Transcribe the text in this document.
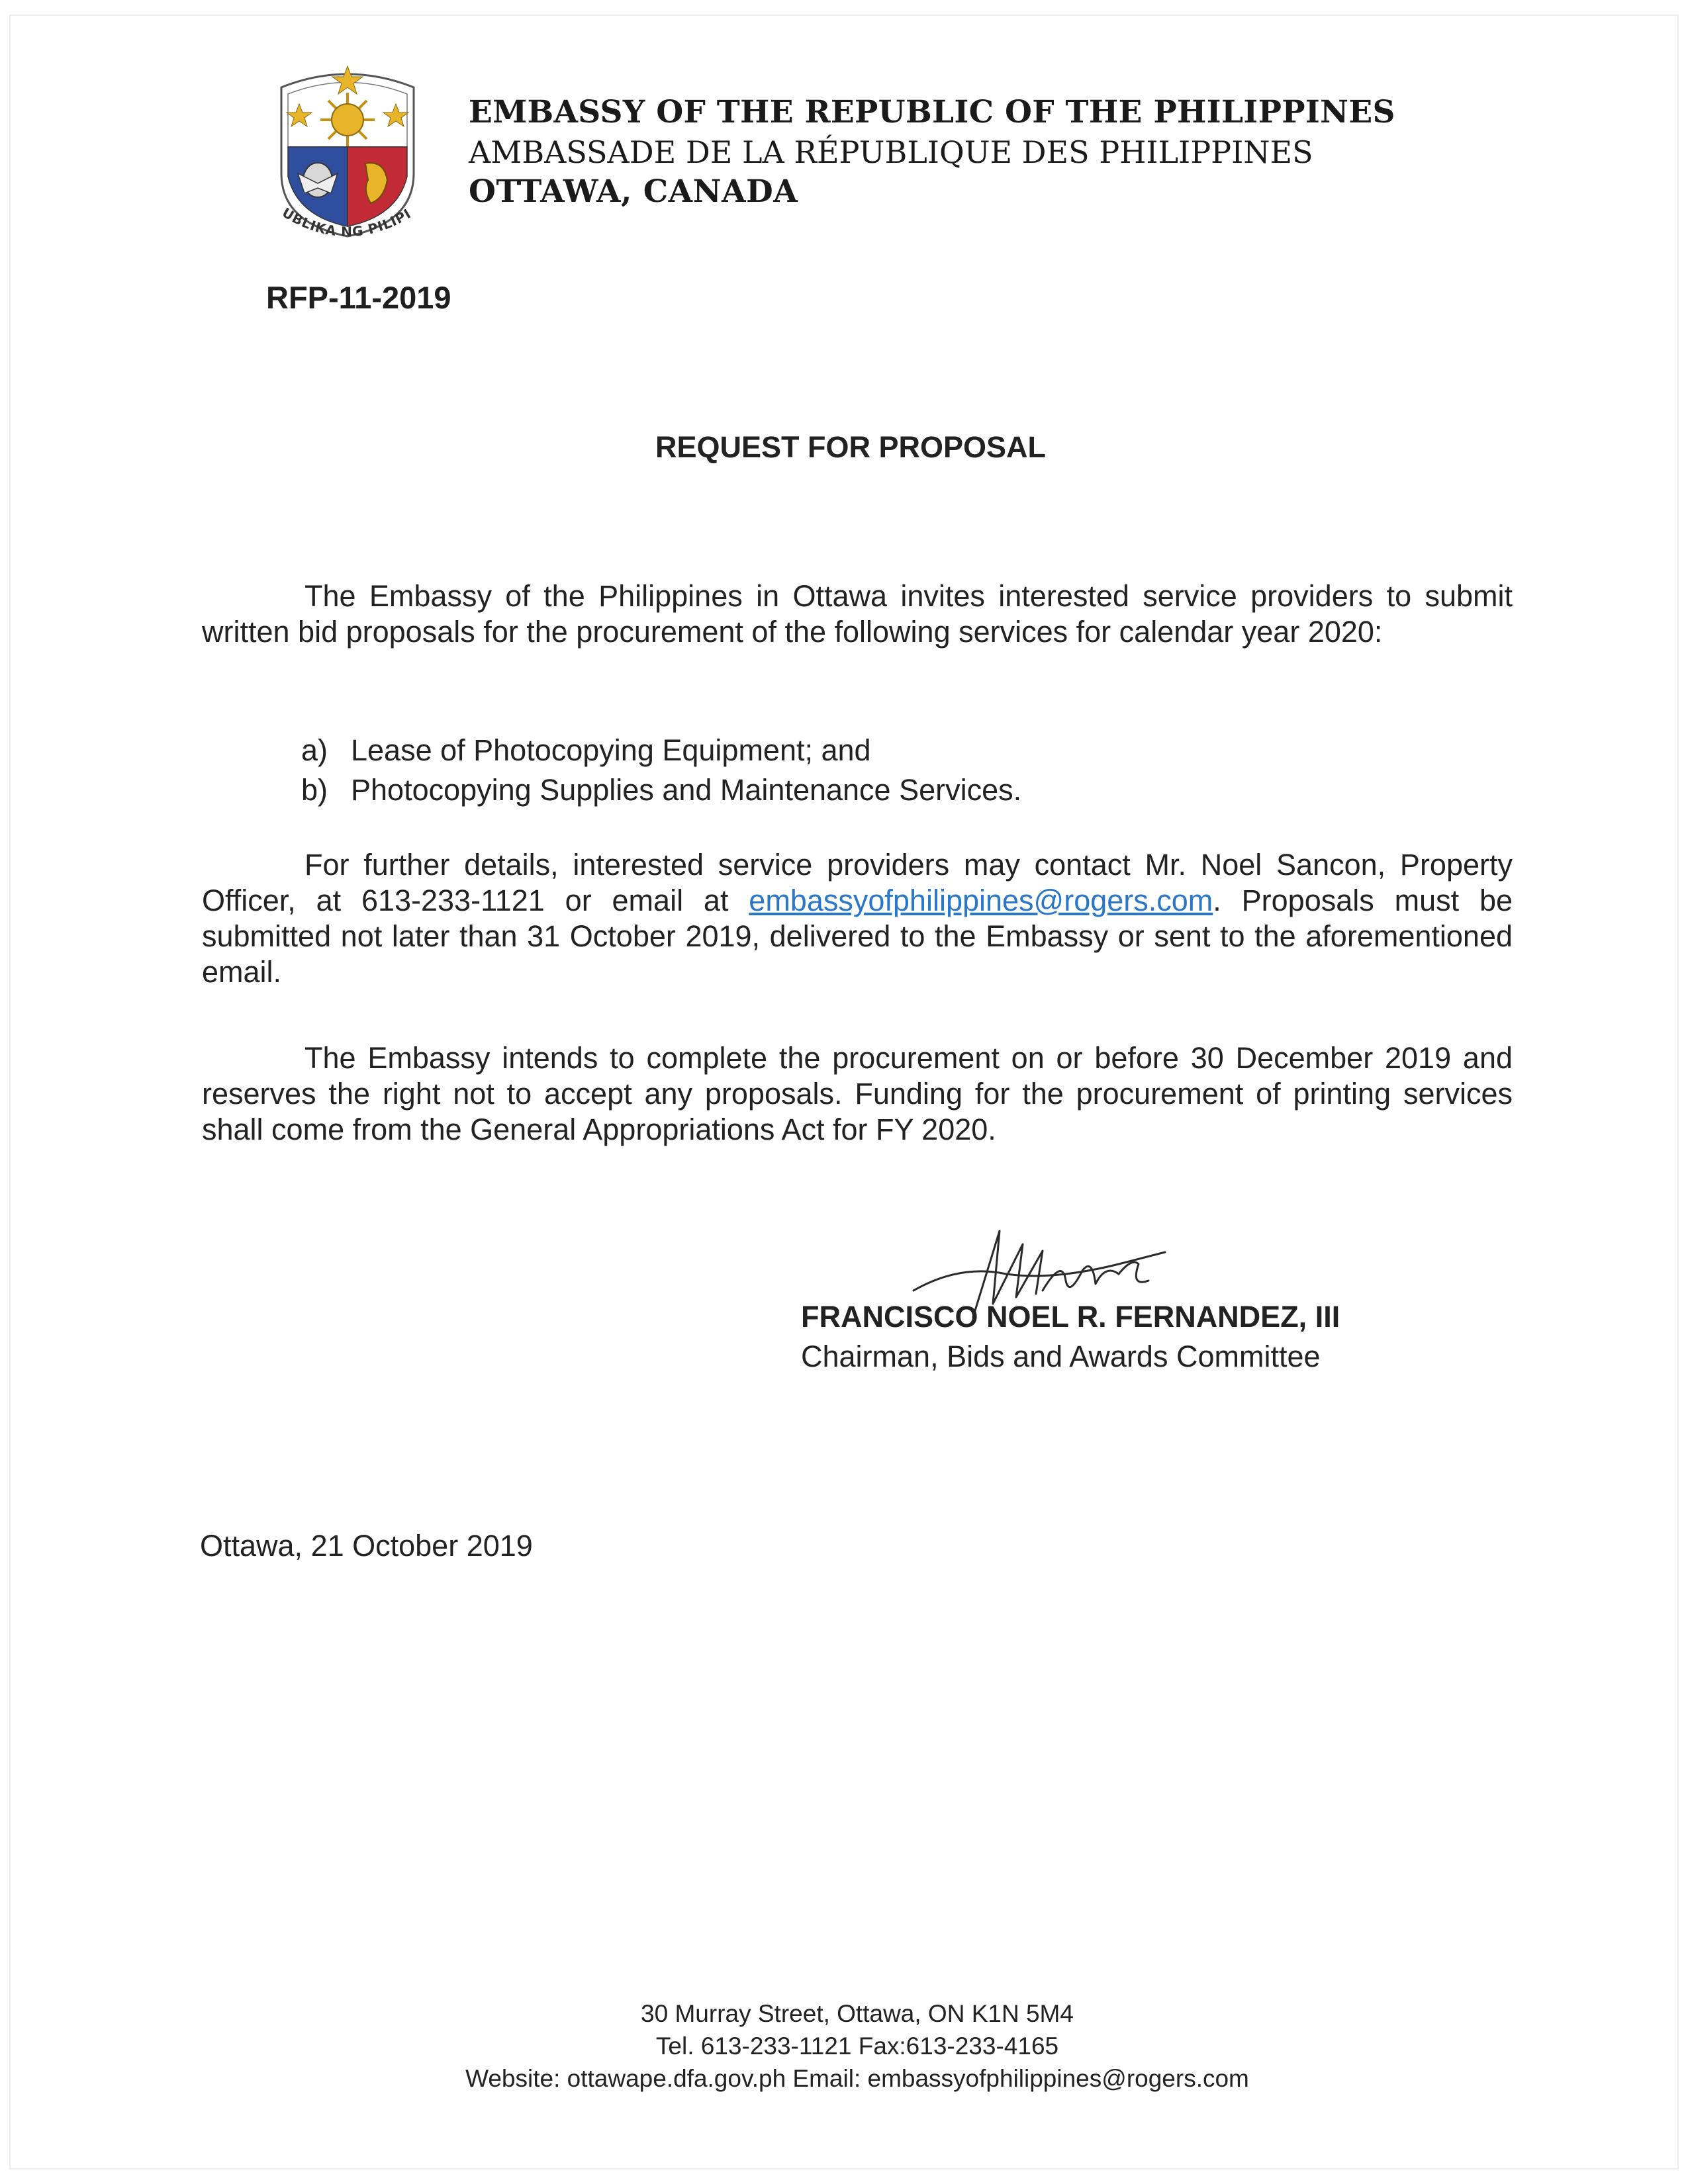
UBLIKA NG PILIPI
EMBASSY OF THE REPUBLIC OF THE PHILIPPINES
AMBASSADE DE LA RÉPUBLIQUE DES PHILIPPINES
OTTAWA, CANADA
RFP-11-2019
REQUEST FOR PROPOSAL
The Embassy of the Philippines in Ottawa invites interested service providers to submit written bid proposals for the procurement of the following services for calendar year 2020:
a) Lease of Photocopying Equipment; and
b) Photocopying Supplies and Maintenance Services.
For further details, interested service providers may contact Mr. Noel Sancon, Property Officer, at 613-233-1121 or email at embassyofphilippines@rogers.com. Proposals must be submitted not later than 31 October 2019, delivered to the Embassy or sent to the aforementioned email.
The Embassy intends to complete the procurement on or before 30 December 2019 and reserves the right not to accept any proposals. Funding for the procurement of printing services shall come from the General Appropriations Act for FY 2020.
FRANCISCO NOEL R. FERNANDEZ, III
Chairman, Bids and Awards Committee
Ottawa, 21 October 2019
30 Murray Street, Ottawa, ON K1N 5M4
Tel. 613-233-1121 Fax:613-233-4165
Website: ottawape.dfa.gov.ph Email: embassyofphilippines@rogers.com
